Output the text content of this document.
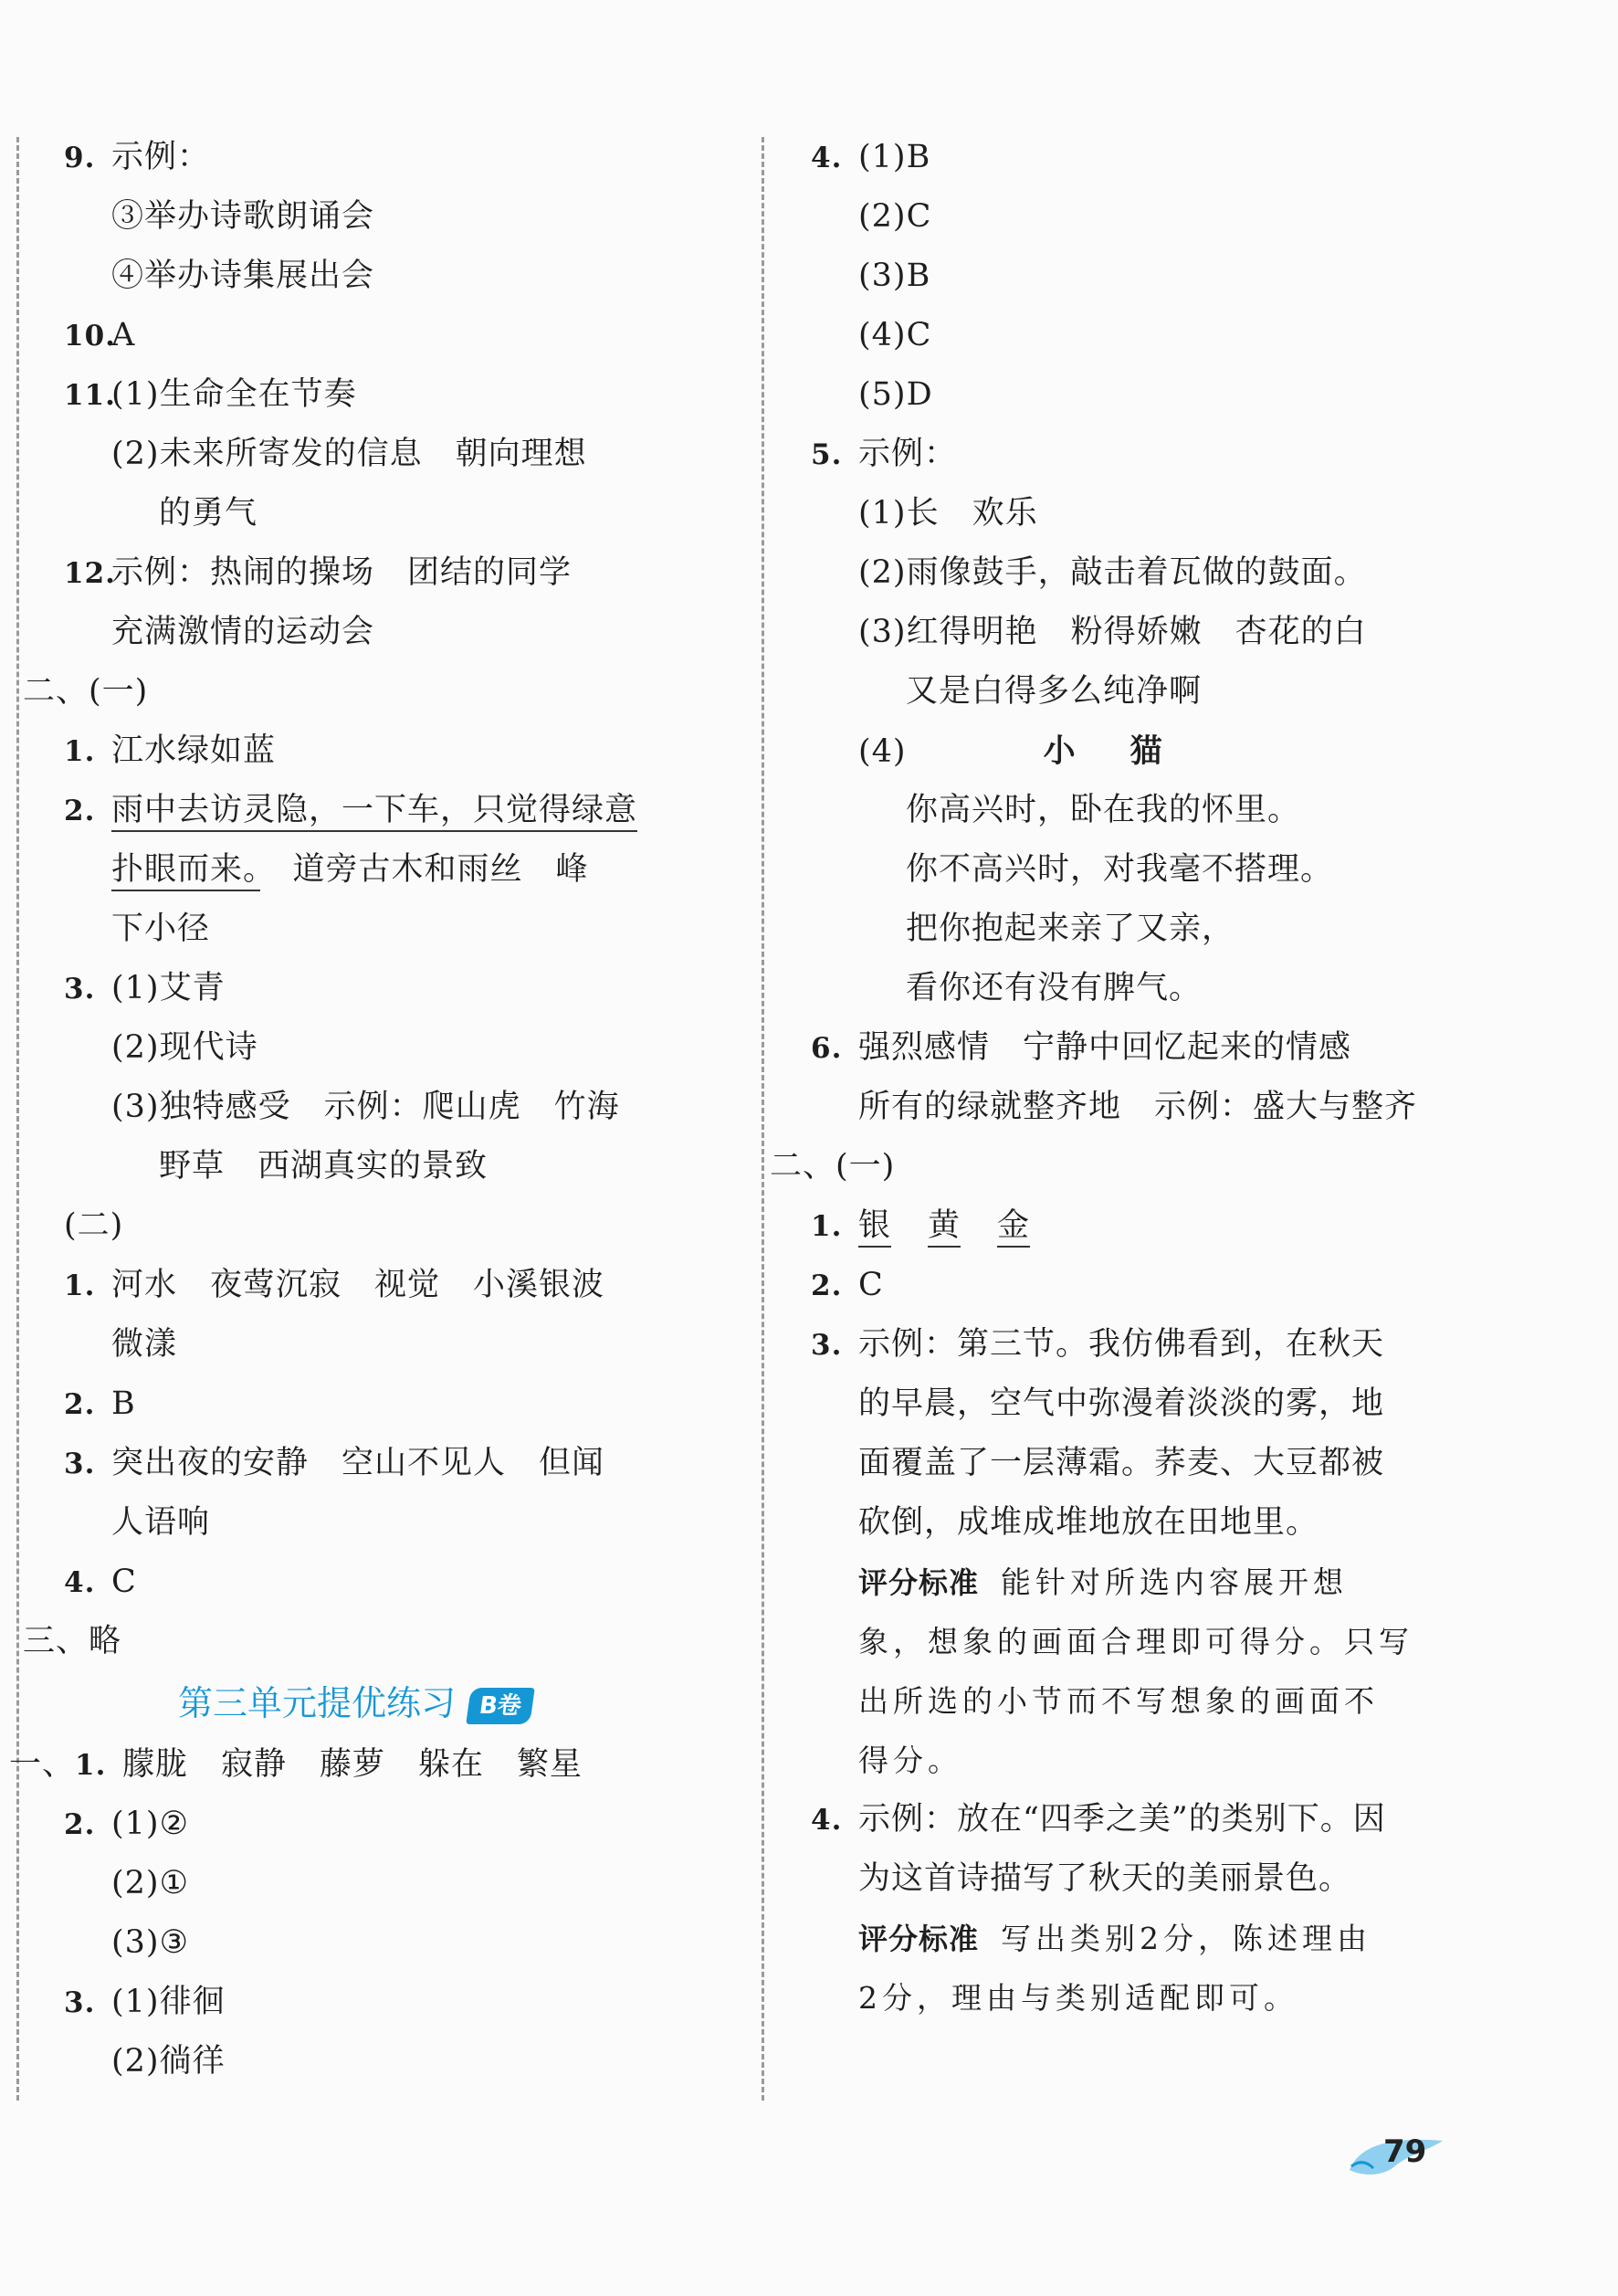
9. 示例：
③举办诗歌朗诵会
④举办诗集展出会
10.A
11.(1)生命全在节奏
(2)未来所寄发的信息　朝向理想
的勇气
12.示例：热闹的操场　团结的同学
充满激情的运动会
二、(一)
1. 江水绿如蓝
2. 雨中去访灵隐，一下车，只觉得绿意
扑眼而来。　道旁古木和雨丝　峰
下小径
3. (1)艾青
(2)现代诗
(3)独特感受　示例：爬山虎　竹海
野草　西湖真实的景致
(二)
1. 河水　夜莺沉寂　视觉　小溪银波
微漾
2. B
3. 突出夜的安静　空山不见人　但闻
人语响
4. C
三、略
第三单元提优练习 B卷
一、1. 朦胧　寂静　藤萝　躲在　繁星
2. (1)②
(2)①
(3)③
3. (1)徘徊
(2)徜徉
4. (1)B
(2)C
(3)B
(4)C
(5)D
5. 示例：
(1)长　欢乐
(2)雨像鼓手，敲击着瓦做的鼓面。
(3)红得明艳　粉得娇嫩　杏花的白
又是白得多么纯净啊
(4)	小猫
你高兴时，卧在我的怀里。
你不高兴时，对我毫不搭理。
把你抱起来亲了又亲，
看你还有没有脾气。
6. 强烈感情　宁静中回忆起来的情感
所有的绿就整齐地　示例：盛大与整齐
二、(一)
1. 银 黄 金
2. C
3. 示例：第三节。我仿佛看到，在秋天
的早晨，空气中弥漫着淡淡的雾，地
面覆盖了一层薄霜。荞麦、大豆都被
砍倒，成堆成堆地放在田地里。
评分标准 能针对所选内容展开想
象，想象的画面合理即可得分。只写
出所选的小节而不写想象的画面不
得分。
4. 示例：放在“四季之美”的类别下。因
为这首诗描写了秋天的美丽景色。
评分标准 写出类别2分，陈述理由
2分，理由与类别适配即可。
79
